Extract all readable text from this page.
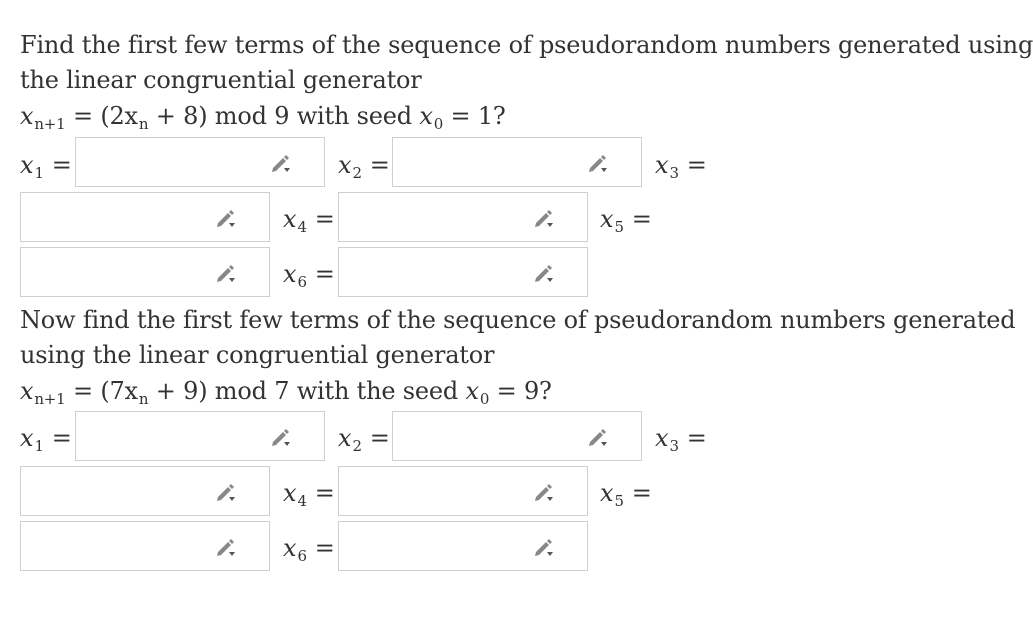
Find the first few terms of the sequence of pseudorandom numbers generated using
the linear congruential generator
$x_{n+1} = (2x_n + 8)$ mod 9 with seed $x_0 = 1$?
$x_1$ =	$x_2$ =	$x_3$ =
$x_4$ =	$x_5$ =
$x_6$ =
Now find the first few terms of the sequence of pseudorandom numbers generated
using the linear congruential generator
$x_{n+1} = (7x_n + 9)$ mod 7 with the seed $x_0 = 9$?
$x_1$ =	$x_2$ =	$x_3$ =
$x_4$ =	$x_5$ =
$x_6$ =
